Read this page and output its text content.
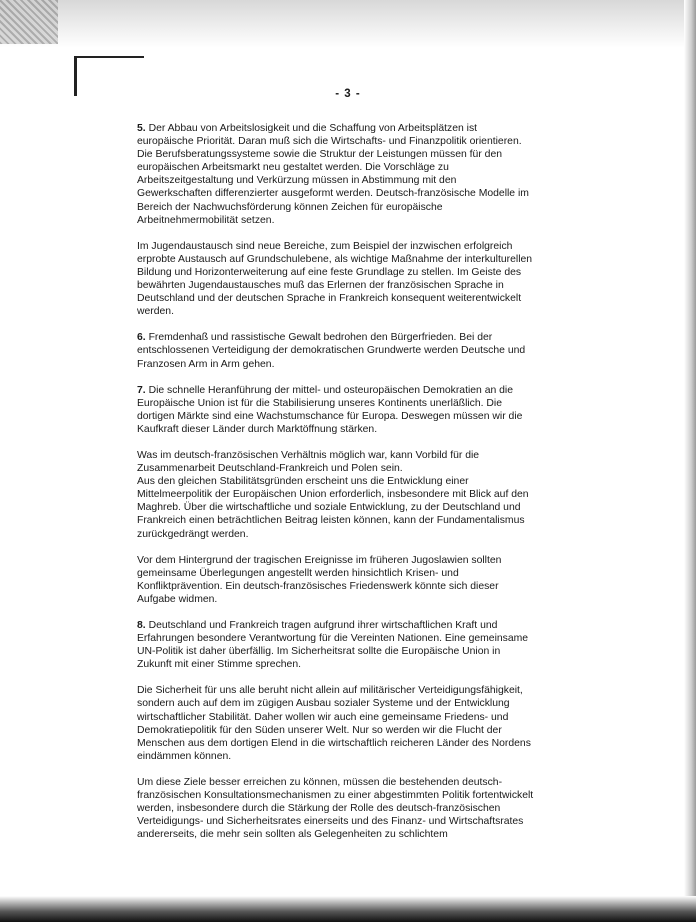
- 3 -
5. Der Abbau von Arbeitslosigkeit und die Schaffung von Arbeitsplätzen ist
europäische Priorität. Daran muß sich die Wirtschafts- und Finanzpolitik orientieren.
Die Berufsberatungssysteme sowie die Struktur der Leistungen müssen für den
europäischen Arbeitsmarkt neu gestaltet werden. Die Vorschläge zu
Arbeitszeitgestaltung und Verkürzung müssen in Abstimmung mit den
Gewerkschaften differenzierter ausgeformt werden. Deutsch-französische Modelle im
Bereich der Nachwuchsförderung können Zeichen für europäische
Arbeitnehmermobilität setzen.
Im Jugendaustausch sind neue Bereiche, zum Beispiel der inzwischen erfolgreich
erprobte Austausch auf Grundschulebene, als wichtige Maßnahme der interkulturellen
Bildung und Horizonterweiterung auf eine feste Grundlage zu stellen. Im Geiste des
bewährten Jugendaustausches muß das Erlernen der französischen Sprache in
Deutschland und der deutschen Sprache in Frankreich konsequent weiterentwickelt
werden.
6. Fremdenhaß und rassistische Gewalt bedrohen den Bürgerfrieden. Bei der
entschlossenen Verteidigung der demokratischen Grundwerte werden Deutsche und
Franzosen Arm in Arm gehen.
7. Die schnelle Heranführung der mittel- und osteuropäischen Demokratien an die
Europäische Union ist für die Stabilisierung unseres Kontinents unerläßlich. Die
dortigen Märkte sind eine Wachstumschance für Europa. Deswegen müssen wir die
Kaufkraft dieser Länder durch Marktöffnung stärken.
Was im deutsch-französischen Verhältnis möglich war, kann Vorbild für die
Zusammenarbeit Deutschland-Frankreich und Polen sein.
Aus den gleichen Stabilitätsgründen erscheint uns die Entwicklung einer
Mittelmeerpolitik der Europäischen Union erforderlich, insbesondere mit Blick auf den
Maghreb. Über die wirtschaftliche und soziale Entwicklung, zu der Deutschland und
Frankreich einen beträchtlichen Beitrag leisten können, kann der Fundamentalismus
zurückgedrängt werden.
Vor dem Hintergrund der tragischen Ereignisse im früheren Jugoslawien sollten
gemeinsame Überlegungen angestellt werden hinsichtlich Krisen- und
Konfliktprävention. Ein deutsch-französisches Friedenswerk könnte sich dieser
Aufgabe widmen.
8. Deutschland und Frankreich tragen aufgrund ihrer wirtschaftlichen Kraft und
Erfahrungen besondere Verantwortung für die Vereinten Nationen. Eine gemeinsame
UN-Politik ist daher überfällig. Im Sicherheitsrat sollte die Europäische Union in
Zukunft mit einer Stimme sprechen.
Die Sicherheit für uns alle beruht nicht allein auf militärischer Verteidigungsfähigkeit,
sondern auch auf dem im zügigen Ausbau sozialer Systeme und der Entwicklung
wirtschaftlicher Stabilität. Daher wollen wir auch eine gemeinsame Friedens- und
Demokratiepolitik für den Süden unserer Welt. Nur so werden wir die Flucht der
Menschen aus dem dortigen Elend in die wirtschaftlich reicheren Länder des Nordens
eindämmen können.
Um diese Ziele besser erreichen zu können, müssen die bestehenden deutsch-
französischen Konsultationsmechanismen zu einer abgestimmten Politik fortentwickelt
werden, insbesondere durch die Stärkung der Rolle des deutsch-französischen
Verteidigungs- und Sicherheitsrates einerseits und des Finanz- und Wirtschaftsrates
andererseits, die mehr sein sollten als Gelegenheiten zu schlichtem
